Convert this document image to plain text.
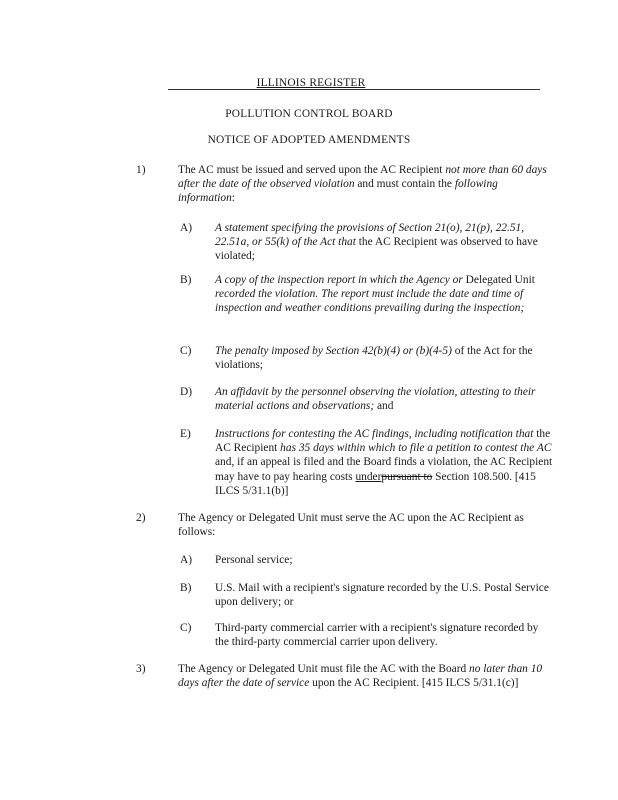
ILLINOIS REGISTER
POLLUTION CONTROL BOARD
NOTICE OF ADOPTED AMENDMENTS
1)	The AC must be issued and served upon the AC Recipient not more than 60 days after the date of the observed violation and must contain the following information:
A)	A statement specifying the provisions of Section 21(o), 21(p), 22.51, 22.51a, or 55(k) of the Act that the AC Recipient was observed to have violated;
B)	A copy of the inspection report in which the Agency or Delegated Unit recorded the violation. The report must include the date and time of inspection and weather conditions prevailing during the inspection;
C)	The penalty imposed by Section 42(b)(4) or (b)(4-5) of the Act for the violations;
D)	An affidavit by the personnel observing the violation, attesting to their material actions and observations; and
E)	Instructions for contesting the AC findings, including notification that the AC Recipient has 35 days within which to file a petition to contest the AC and, if an appeal is filed and the Board finds a violation, the AC Recipient may have to pay hearing costs underpursuant to Section 108.500. [415 ILCS 5/31.1(b)]
2)	The Agency or Delegated Unit must serve the AC upon the AC Recipient as follows:
A)	Personal service;
B)	U.S. Mail with a recipient's signature recorded by the U.S. Postal Service upon delivery; or
C)	Third-party commercial carrier with a recipient's signature recorded by the third-party commercial carrier upon delivery.
3)	The Agency or Delegated Unit must file the AC with the Board no later than 10 days after the date of service upon the AC Recipient. [415 ILCS 5/31.1(c)]
